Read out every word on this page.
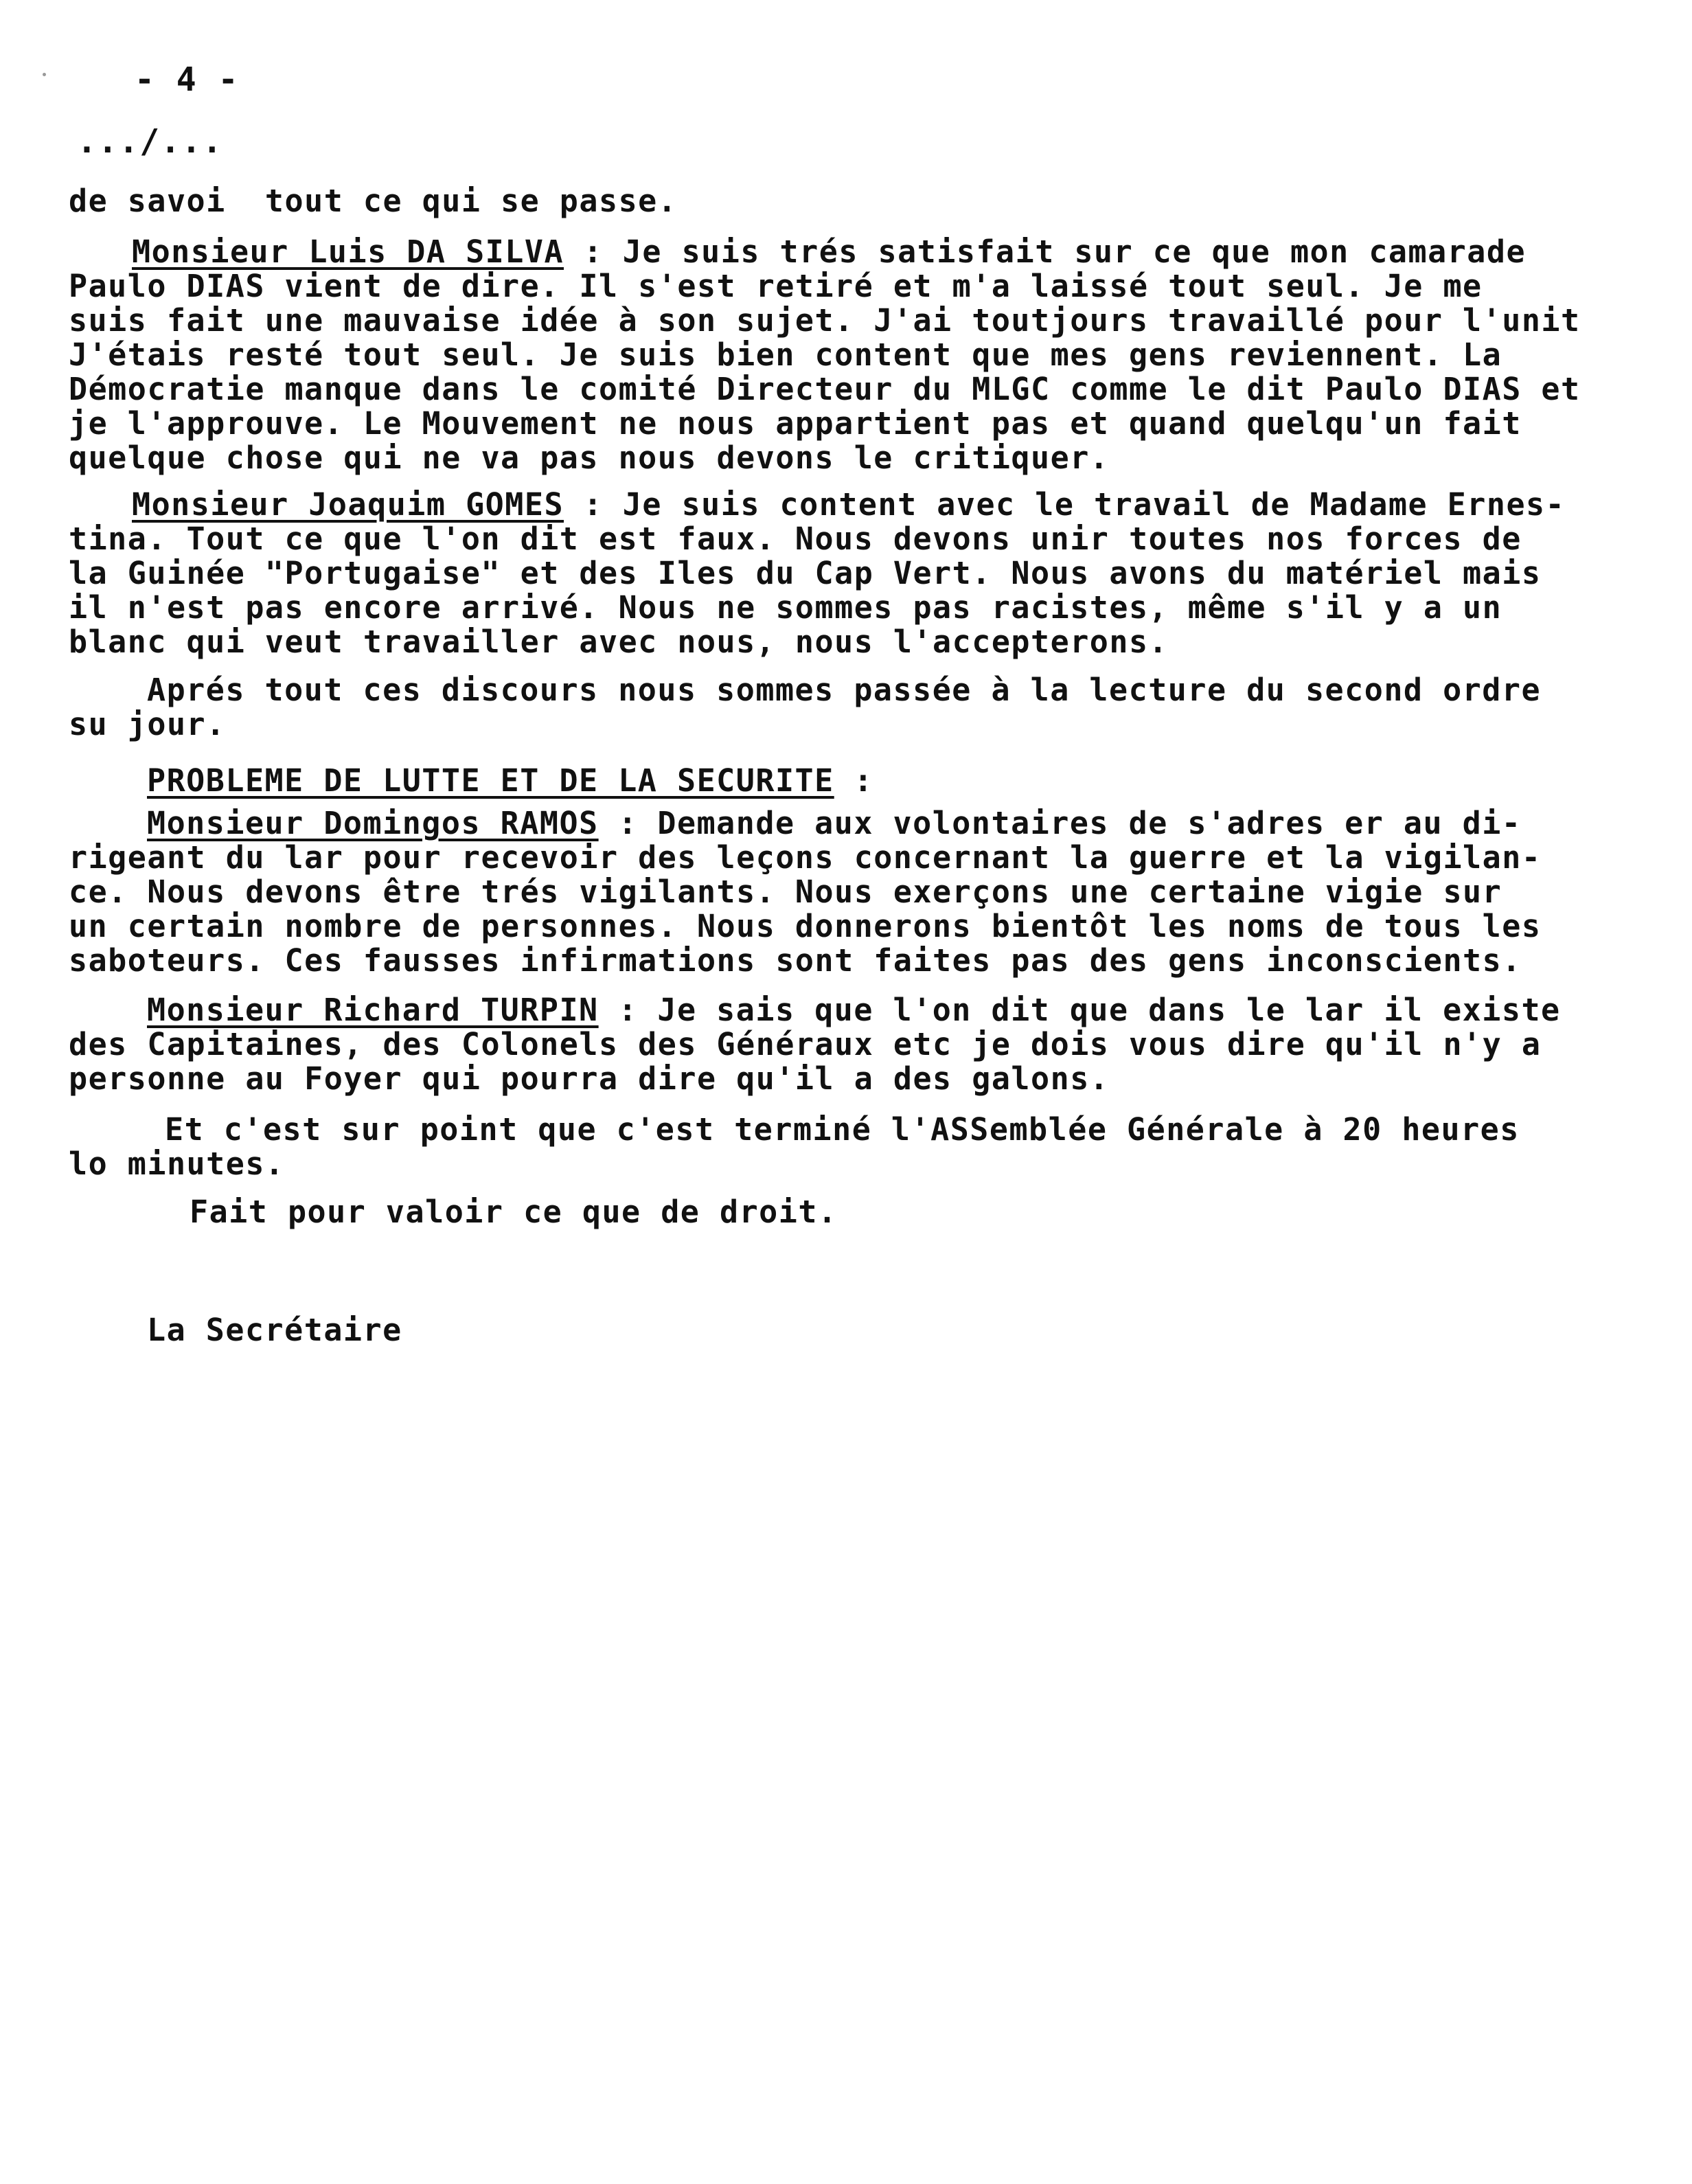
- 4 -
.../...
de savoi  tout ce qui se passe.
Monsieur Luis DA SILVA : Je suis trés satisfait sur ce que mon camarade
Paulo DIAS vient de dire. Il s'est retiré et m'a laissé tout seul. Je me
suis fait une mauvaise idée à son sujet. J'ai toutjours travaillé pour l'unit
J'étais resté tout seul. Je suis bien content que mes gens reviennent. La
Démocratie manque dans le comité Directeur du MLGC comme le dit Paulo DIAS et
je l'approuve. Le Mouvement ne nous appartient pas et quand quelqu'un fait
quelque chose qui ne va pas nous devons le critiquer.
Monsieur Joaquim GOMES : Je suis content avec le travail de Madame Ernes-
tina. Tout ce que l'on dit est faux. Nous devons unir toutes nos forces de
la Guinée "Portugaise" et des Iles du Cap Vert. Nous avons du matériel mais
il n'est pas encore arrivé. Nous ne sommes pas racistes, même s'il y a un
blanc qui veut travailler avec nous, nous l'accepterons.
Aprés tout ces discours nous sommes passée à la lecture du second ordre
su jour.
PROBLEME DE LUTTE ET DE LA SECURITE :
Monsieur Domingos RAMOS : Demande aux volontaires de s'adres er au di-
rigeant du lar pour recevoir des leçons concernant la guerre et la vigilan-
ce. Nous devons être trés vigilants. Nous exerçons une certaine vigie sur
un certain nombre de personnes. Nous donnerons bientôt les noms de tous les
saboteurs. Ces fausses infirmations sont faites pas des gens inconscients.
Monsieur Richard TURPIN : Je sais que l'on dit que dans le lar il existe
des Capitaines, des Colonels des Généraux etc je dois vous dire qu'il n'y a
personne au Foyer qui pourra dire qu'il a des galons.
Et c'est sur point que c'est terminé l'ASSemblée Générale à 20 heures
lo minutes.
Fait pour valoir ce que de droit.
La Secrétaire
